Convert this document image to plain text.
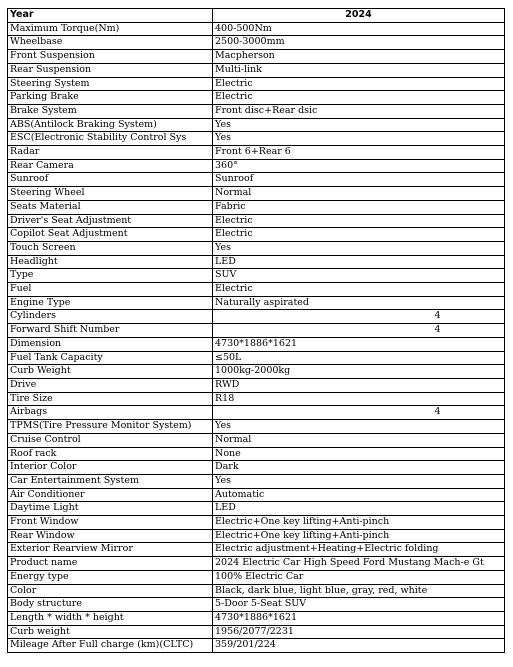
Year	2024
Maximum Torque(Nm)	400-500Nm
Wheelbase	2500-3000mm
Front Suspension	Macpherson
Rear Suspension	Multi-link
Steering System	Electric
Parking Brake	Electric
Brake System	Front disc+Rear dsic
ABS(Antilock Braking System)	Yes
ESC(Electronic Stability Control Sys	Yes
Radar	Front 6+Rear 6
Rear Camera	360°
Sunroof	Sunroof
Steering Wheel	Normal
Seats Material	Fabric
Driver's Seat Adjustment	Electric
Copilot Seat Adjustment	Electric
Touch Screen	Yes
Headlight	LED
Type	SUV
Fuel	Electric
Engine Type	Naturally aspirated
Cylinders	4
Forward Shift Number	4
Dimension	4730*1886*1621
Fuel Tank Capacity	≤50L
Curb Weight	1000kg-2000kg
Drive	RWD
Tire Size	R18
Airbags	4
TPMS(Tire Pressure Monitor System)	Yes
Cruise Control	Normal
Roof rack	None
Interior Color	Dark
Car Entertainment System	Yes
Air Conditioner	Automatic
Daytime Light	LED
Front Window	Electric+One key lifting+Anti-pinch
Rear Window	Electric+One key lifting+Anti-pinch
Exterior Rearview Mirror	Electric adjustment+Heating+Electric folding
Product name	2024 Electric Car High Speed Ford Mustang Mach-e Gt
Energy type	100% Electric Car
Color	Black, dark blue, light blue, gray, red, white
Body structure	5-Door 5-Seat SUV
Length * width * height	4730*1886*1621
Curb weight	1956/2077/2231
Mileage After Full charge (km)(CLTC)	359/201/224
